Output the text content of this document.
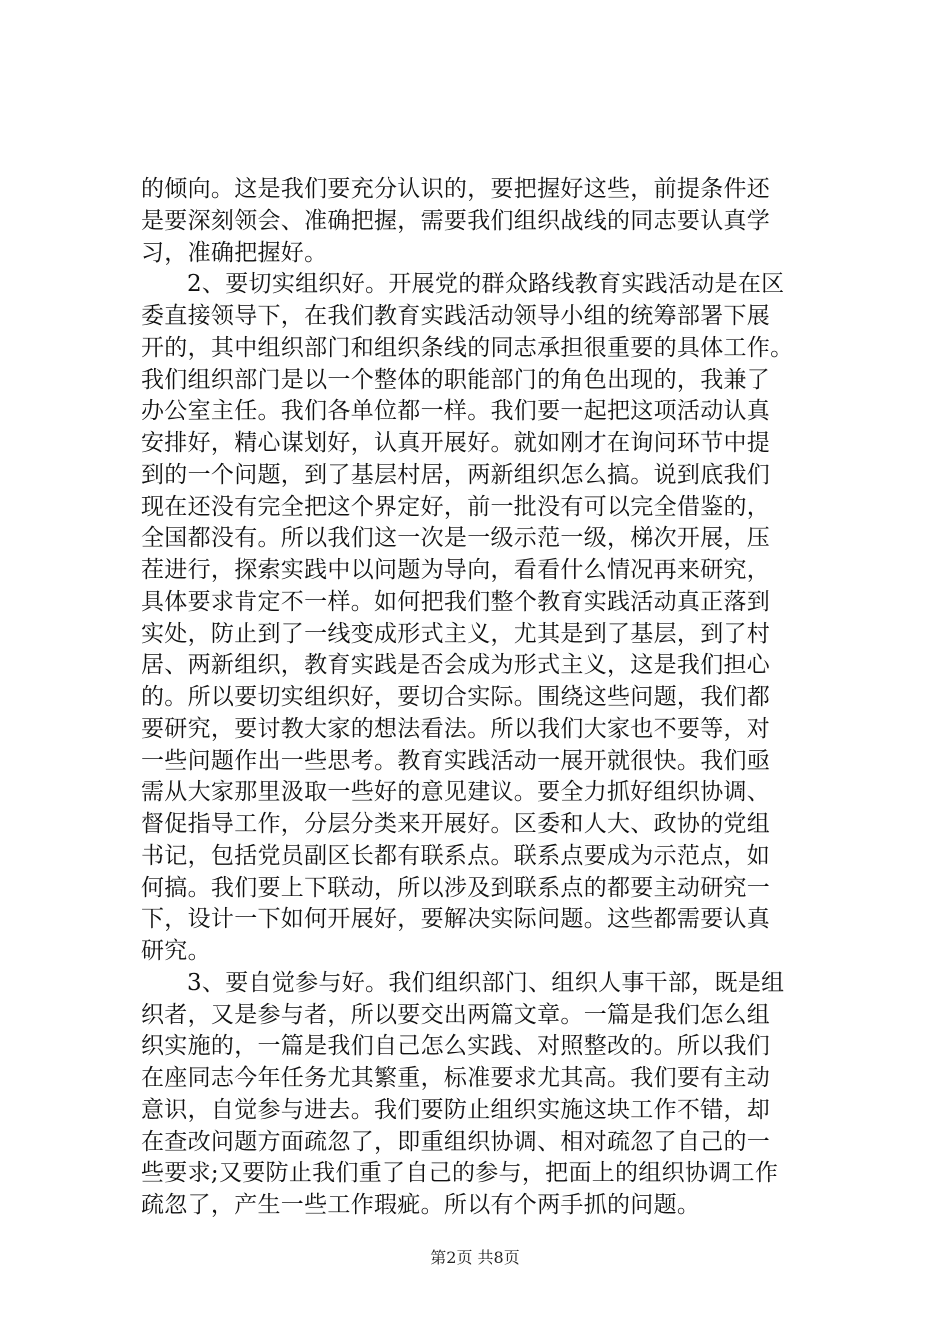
的倾向。这是我们要充分认识的，要把握好这些，前提条件还
是要深刻领会、准确把握，需要我们组织战线的同志要认真学
习，准确把握好。
2、要切实组织好。开展党的群众路线教育实践活动是在区
委直接领导下，在我们教育实践活动领导小组的统筹部署下展
开的，其中组织部门和组织条线的同志承担很重要的具体工作。
我们组织部门是以一个整体的职能部门的角色出现的，我兼了
办公室主任。我们各单位都一样。我们要一起把这项活动认真
安排好，精心谋划好，认真开展好。就如刚才在询问环节中提
到的一个问题，到了基层村居，两新组织怎么搞。说到底我们
现在还没有完全把这个界定好，前一批没有可以完全借鉴的，
全国都没有。所以我们这一次是一级示范一级，梯次开展，压
茬进行，探索实践中以问题为导向，看看什么情况再来研究，
具体要求肯定不一样。如何把我们整个教育实践活动真正落到
实处，防止到了一线变成形式主义，尤其是到了基层，到了村
居、两新组织，教育实践是否会成为形式主义，这是我们担心
的。所以要切实组织好，要切合实际。围绕这些问题，我们都
要研究，要讨教大家的想法看法。所以我们大家也不要等，对
一些问题作出一些思考。教育实践活动一展开就很快。我们亟
需从大家那里汲取一些好的意见建议。要全力抓好组织协调、
督促指导工作，分层分类来开展好。区委和人大、政协的党组
书记，包括党员副区长都有联系点。联系点要成为示范点，如
何搞。我们要上下联动，所以涉及到联系点的都要主动研究一
下，设计一下如何开展好，要解决实际问题。这些都需要认真
研究。
3、要自觉参与好。我们组织部门、组织人事干部，既是组
织者，又是参与者，所以要交出两篇文章。一篇是我们怎么组
织实施的，一篇是我们自己怎么实践、对照整改的。所以我们
在座同志今年任务尤其繁重，标准要求尤其高。我们要有主动
意识，自觉参与进去。我们要防止组织实施这块工作不错，却
在查改问题方面疏忽了，即重组织协调、相对疏忽了自己的一
些要求;又要防止我们重了自己的参与，把面上的组织协调工作
疏忽了，产生一些工作瑕疵。所以有个两手抓的问题。
第2页 共8页
